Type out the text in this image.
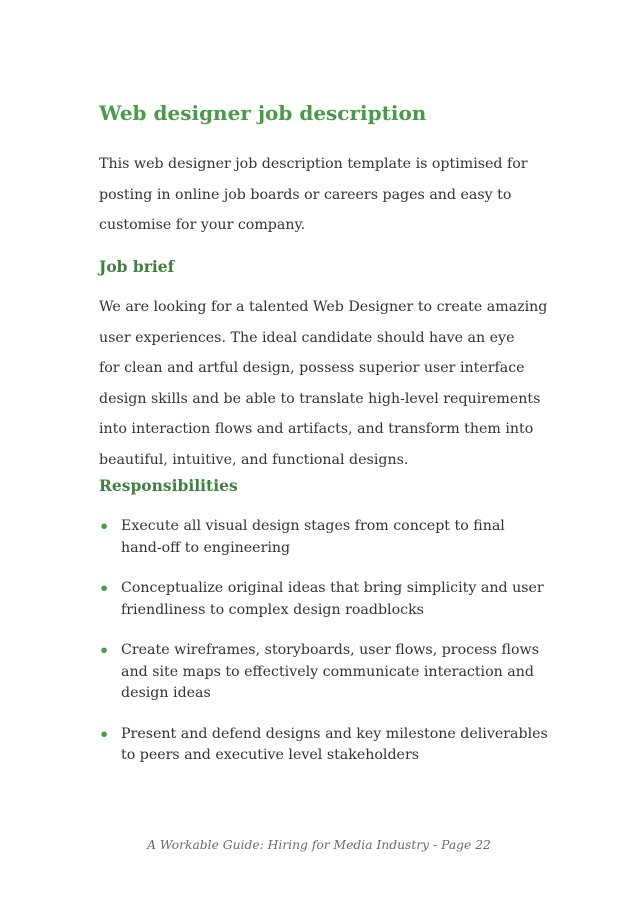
Web designer job description
This web designer job description template is optimised for
posting in online job boards or careers pages and easy to
customise for your company.
Job brief
We are looking for a talented Web Designer to create amazing
user experiences. The ideal candidate should have an eye
for clean and artful design, possess superior user interface
design skills and be able to translate high-level requirements
into interaction flows and artifacts, and transform them into
beautiful, intuitive, and functional designs.
Responsibilities
• Execute all visual design stages from concept to final
hand-off to engineering
• Conceptualize original ideas that bring simplicity and user
friendliness to complex design roadblocks
• Create wireframes, storyboards, user flows, process flows
and site maps to effectively communicate interaction and
design ideas
• Present and defend designs and key milestone deliverables
to peers and executive level stakeholders
A Workable Guide: Hiring for Media Industry - Page 22
